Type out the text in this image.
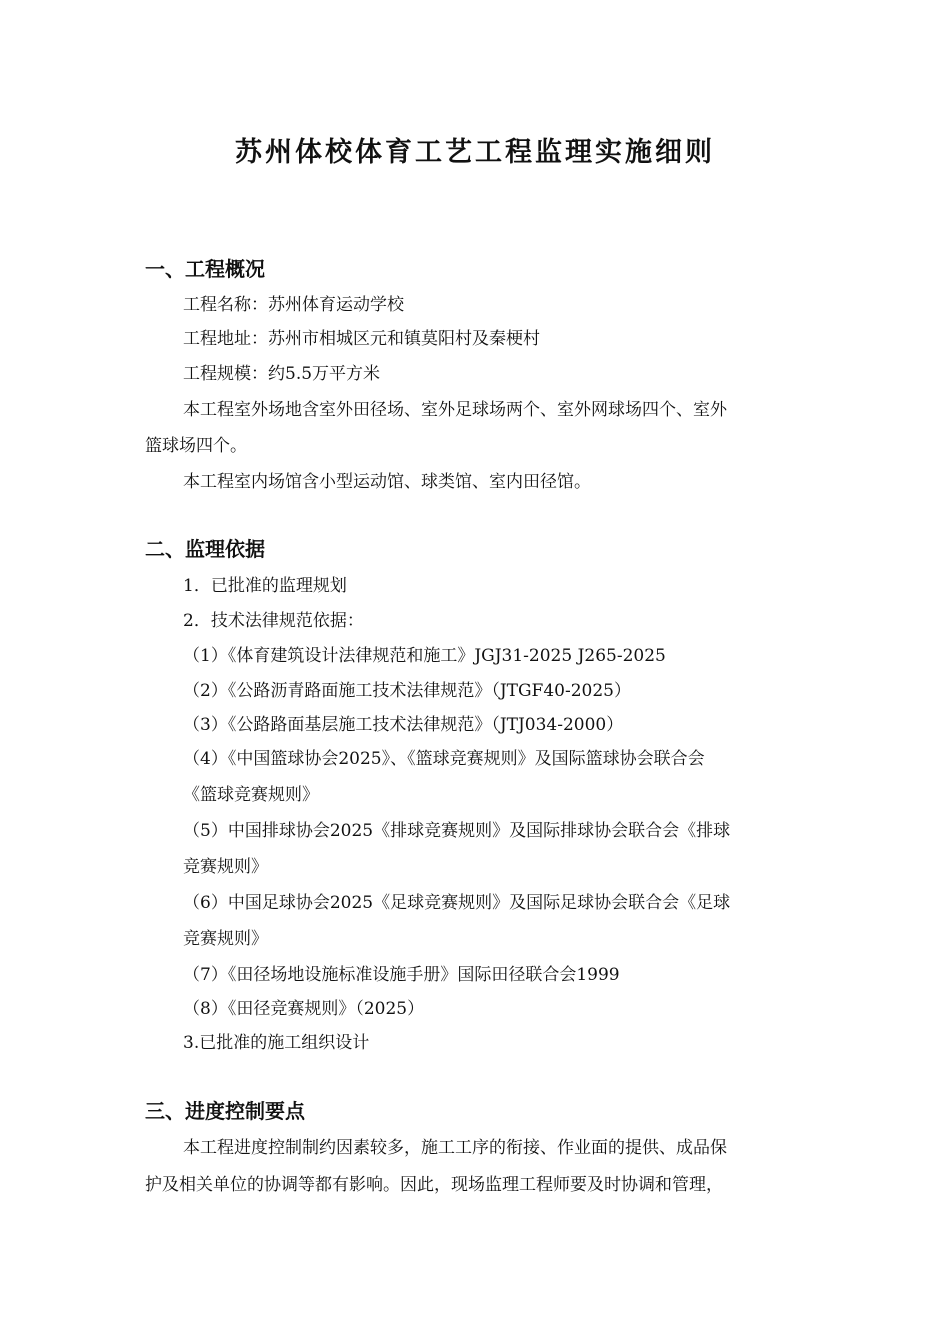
苏州体校体育工艺工程监理实施细则
一、工程概况
工程名称：苏州体育运动学校
工程地址：苏州市相城区元和镇莫阳村及秦梗村
工程规模：约5.5万平方米
本工程室外场地含室外田径场、室外足球场两个、室外网球场四个、室外
篮球场四个。
本工程室内场馆含小型运动馆、球类馆、室内田径馆。
二、监理依据
1．已批准的监理规划
2．技术法律规范依据：
（1）《体育建筑设计法律规范和施工》JGJ31-2025 J265-2025
（2）《公路沥青路面施工技术法律规范》（JTGF40-2025）
（3）《公路路面基层施工技术法律规范》（JTJ034-2000）
（4）《中国篮球协会2025》、《篮球竞赛规则》及国际篮球协会联合会
《篮球竞赛规则》
（5）中国排球协会2025《排球竞赛规则》及国际排球协会联合会《排球
竞赛规则》
（6）中国足球协会2025《足球竞赛规则》及国际足球协会联合会《足球
竞赛规则》
（7）《田径场地设施标准设施手册》国际田径联合会1999
（8）《田径竞赛规则》（2025）
3.已批准的施工组织设计
三、进度控制要点
本工程进度控制制约因素较多，施工工序的衔接、作业面的提供、成品保
护及相关单位的协调等都有影响。因此，现场监理工程师要及时协调和管理，
